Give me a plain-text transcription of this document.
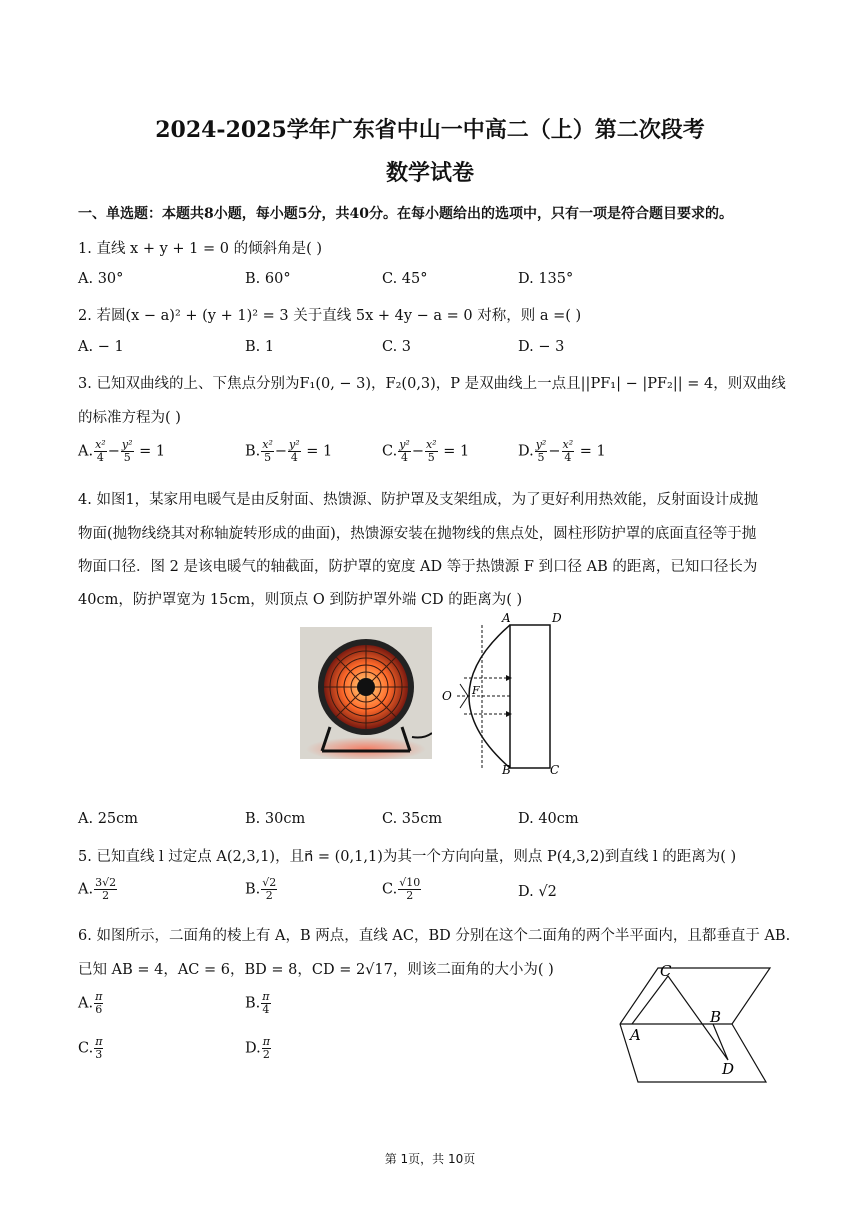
2024-2025学年广东省中山一中高二（上）第二次段考
数学试卷
一、单选题：本题共8小题，每小题5分，共40分。在每小题给出的选项中，只有一项是符合题目要求的。
1. 直线 x + y + 1 = 0 的倾斜角是( )
A. 30°	B. 60°	C. 45°	D. 135°
2. 若圆(x − a)² + (y + 1)² = 3 关于直线 5x + 4y − a = 0 对称，则 a =( )
A. − 1	B. 1	C. 3	D. − 3
3. 已知双曲线的上、下焦点分别为F₁(0, − 3)，F₂(0,3)，P 是双曲线上一点且||PF₁| − |PF₂|| = 4，则双曲线
的标准方程为( )
A. $\frac{\text{x²}}{4} - \frac{\text{y²}}{5} = 1$	B. $\frac{\text{x²}}{5} - \frac{\text{y²}}{4} = 1$	C. $\frac{\text{y²}}{4} - \frac{\text{x²}}{5} = 1$	D. $\frac{\text{y²}}{5} - \frac{\text{x²}}{4} = 1$
4. 如图1，某家用电暖气是由反射面、热馈源、防护罩及支架组成，为了更好利用热效能，反射面设计成抛
物面(抛物线绕其对称轴旋转形成的曲面)，热馈源安装在抛物线的焦点处，圆柱形防护罩的底面直径等于抛
物面口径．图 2 是该电暖气的轴截面，防护罩的宽度 AD 等于热馈源 F 到口径 AB 的距离，已知口径长为
40cm，防护罩宽为 15cm，则顶点 O 到防护罩外端 CD 的距离为( )
A	D
O F
B	C
A. 25cm	B. 30cm	C. 35cm	D. 40cm
5. 已知直线 l 过定点 A(2,3,1)，且n⃗ = (0,1,1)为其一个方向向量，则点 P(4,3,2)到直线 l 的距离为( )
A. $\frac{3√2}{2}$	B. $\frac{√2}{2}$	C. $\frac{√10}{2}$	D. √2
6. 如图所示，二面角的棱上有 A，B 两点，直线 AC，BD 分别在这个二面角的两个半平面内，且都垂直于 AB.
已知 AB = 4，AC = 6，BD = 8，CD = 2√17，则该二面角的大小为( )
A. $\frac{\pi}{6}$	B. $\frac{\pi}{4}$
C. $\frac{\pi}{3}$	D. $\frac{\pi}{2}$
C
A
B
D
第 1页，共 10页
